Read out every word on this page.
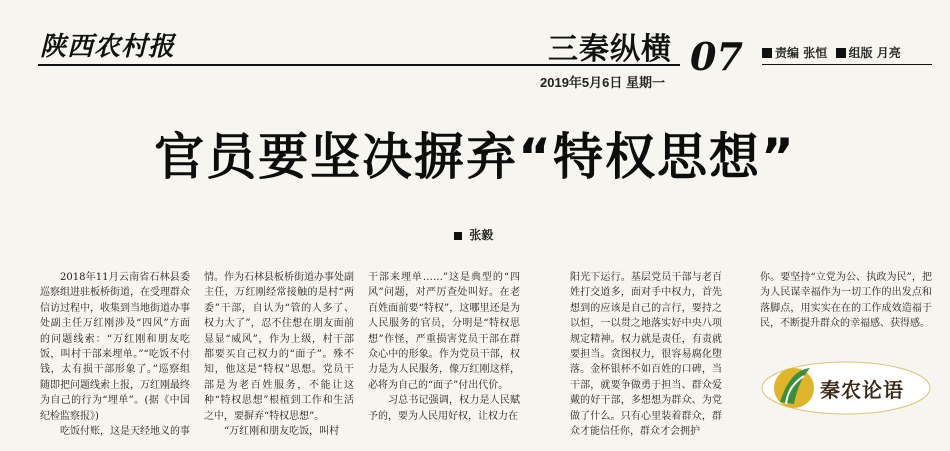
陕西农村报	三秦纵横 07
2019年5月6日 星期一
责编 张恒 组版 月亮
官员要坚决摒弃“特权思想”
张毅

2018年11月云南省石林县委巡察组进驻板桥街道，在受理群众信访过程中，收集到当地街道办事处副主任万红刚涉及“四风”方面的问题线索：“万红刚和朋友吃饭，叫村干部来埋单。”“吃饭不付钱，太有损干部形象了。”巡察组随即把问题线索上报，万红刚最终为自己的行为“埋单”。(据《中国纪检监察报》)

吃饭付账，这是天经地义的事

情。作为石林县板桥街道办事处副主任，万红刚经常接触的是村“两委”干部，自认为“管的人多了、权力大了”，忍不住想在朋友面前显显“威风”，作为上级，村干部都要买自己权力的“面子”。殊不知，他这是“特权”思想。党员干部是为老百姓服务，不能让这种“特权思想”根植到工作和生活之中，要摒弃“特权思想”。

“万红刚和朋友吃饭，叫村

干部来埋单……”这是典型的“四风”问题，对严厉查处叫好。在老百姓面前要“特权”，这哪里还是为人民服务的官员，分明是“特权思想”作怪，严重损害党员干部在群众心中的形象。作为党员干部，权力是为人民服务，像万红刚这样，必将为自己的“面子”付出代价。

习总书记强调，权力是人民赋予的，要为人民用好权，让权力在

阳光下运行。基层党员干部与老百姓打交道多，面对手中权力，首先想到的应该是自己的言行，要持之以恒，一以贯之地落实好中央八项规定精神。权力就是责任，有责就要担当。贪图权力，很容易腐化堕落。金杯银杯不如百姓的口碑，当干部，就要争做勇于担当、群众爱戴的好干部，多想想为群众、为党做了什么。只有心里装着群众，群众才能信任你，群众才会拥护

你。要坚持“立党为公、执政为民”，把为人民谋幸福作为一切工作的出发点和落脚点，用实实在在的工作成效造福于民，不断提升群众的幸福感、获得感。

秦农论语
